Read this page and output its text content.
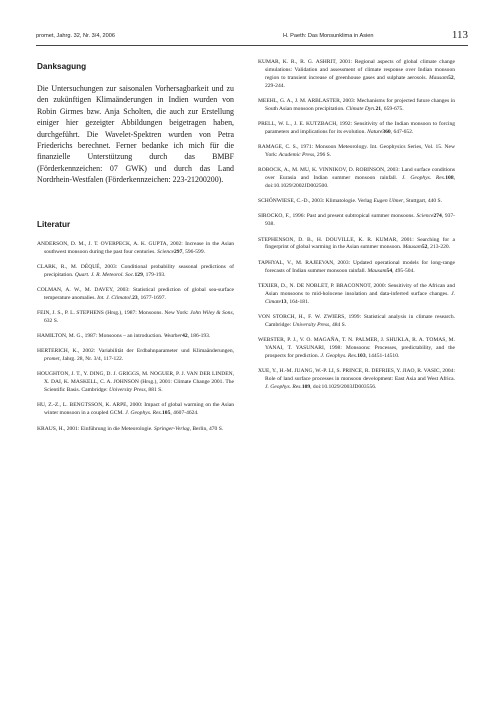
promet, Jahrg. 32, Nr. 3/4, 2006	H. Paeth: Das Monsunklima in Asien	113
Danksagung

Die Untersuchungen zur saisonalen Vorhersagbarkeit und zu den zukünftigen Klimaänderungen in Indien wurden von Robin Girmes bzw. Anja Scholten, die auch zur Erstellung einiger hier gezeigter Abbildungen beigetragen haben, durchgeführt. Die Wavelet-Spektren wurden von Petra Friederichs berechnet. Ferner bedanke ich mich für die finanzielle Unterstützung durch das BMBF (Förderkennzeichen: 07 GWK) und durch das Land Nordrhein-Westfalen (Förderkennzeichen: 223-21200200).

Literatur

ANDERSON, D. M., J. T. OVERPECK, A. K. GUPTA, 2002: Increase in the Asian southwest monsoon during the past four centuries. Science297, 596-599.

CLARK, R., M. DÉQUÉ, 2003: Conditional probability seasonal predictions of precipitation. Quart. J. R. Meteorol. Soc.129, 179-193.

COLMAN, A. W., M. DAVEY, 2003: Statistical prediction of global sea-surface temperature anomalies. Int. J. Climatol.23, 1677-1697.

FEIN, J. S., P. L. STEPHENS (Hrsg.), 1987: Monsoons. New York: John Wiley & Sons, 632 S.

HAMILTON, M. G., 1987: Monsoons – an introduction. Weather42, 186-193.

HERTERICH, K., 2002: Variabilität der Erdbahnparameter und Klimaänderungen, promet, Jahrg. 28, Nr. 3/4, 117-122.

HOUGHTON, J. T., Y. DING, D. J. GRIGGS, M. NOGUER, P. J. VAN DER LINDEN, X. DAI, K. MASKELL, C. A. JOHNSON (Hrsg.), 2001: Climate Change 2001. The Scientific Basis. Cambridge: University Press, 881 S.

HU, Z.-Z., L. BENGTSSON, K. ARPE, 2000: Impact of global warming on the Asian winter monsoon in a coupled GCM. J. Geophys. Res.105, 4607-4624.

KRAUS, H., 2001: Einführung in die Meteorologie. Springer-Verlag, Berlin, 470 S.

KUMAR, K. R., R. G. ASHRIT, 2001: Regional aspects of global climate change simulations: Validation and assessment of climate response over Indian monsoon region to transient increase of greenhouse gases and sulphate aerosols. Mausam52, 229-244.

MEEHL, G. A., J. M. ARBLASTER, 2003: Mechanisms for projected future changes in South Asian monsoon precipitation. Climate Dyn.21, 659-675.

PRELL, W. L., J. E. KUTZBACH, 1992: Sensitivity of the Indian monsoon to forcing parameters and implications for its evolution. Nature360, 647-652.

RAMAGE, C. S., 1971: Monsoon Meteorology. Int. Geophysics Series, Vol. 15. New York: Academic Press, 296 S.

ROBOCK, A., M. MU, K. VINNIKOV, D. ROBINSON, 2003: Land surface conditions over Eurasia and Indian summer monsoon rainfall. J. Geophys. Res.108, doi:10.1029/2002JD002500.

SCHÖNWIESE, C.-D., 2003: Klimatologie. Verlag Eugen Ulmer, Stuttgart, 440 S.

SIROCKO, F., 1996: Past and present subtropical summer monsoons. Science274, 937-938.

STEPHENSON, D. B., H. DOUVILLE, K. R. KUMAR, 2001: Searching for a fingerprint of global warming in the Asian summer monsoon. Mausam52, 213-220.

TAPHYAL, V., M. RAJEEVAN, 2003: Updated operational models for long-range forecasts of Indian summer monsoon rainfall. Mausam54, 495-504.

TEXIER, D., N. DE NOBLET, P. BRACONNOT, 2000: Sensitivity of the African and Asian monsoons to mid-holocene insolation and data-inferred surface changes. J. Cimate13, 164-181.

VON STORCH, H., F. W. ZWIERS, 1999: Statistical analysis in climate research. Cambridge: University Press, 484 S.

WEBSTER, P. J., V. O. MAGAÑA, T. N. PALMER, J. SHUKLA, R. A. TOMAS, M. YANAI, T. YASUNARI, 1998: Monsoons: Processes, predictability, and the prospects for prediction. J. Geophys. Res.103, 14451-14510.

XUE, Y., H.-M. JUANG, W.-P. LI, S. PRINCE, R. DEFRIES, Y. JIAO, R. VASIC, 2004: Role of land surface processes in monsoon development: East Asia and West Africa. J. Geophys. Res.109, doi:10.1029/2003JD003556.
